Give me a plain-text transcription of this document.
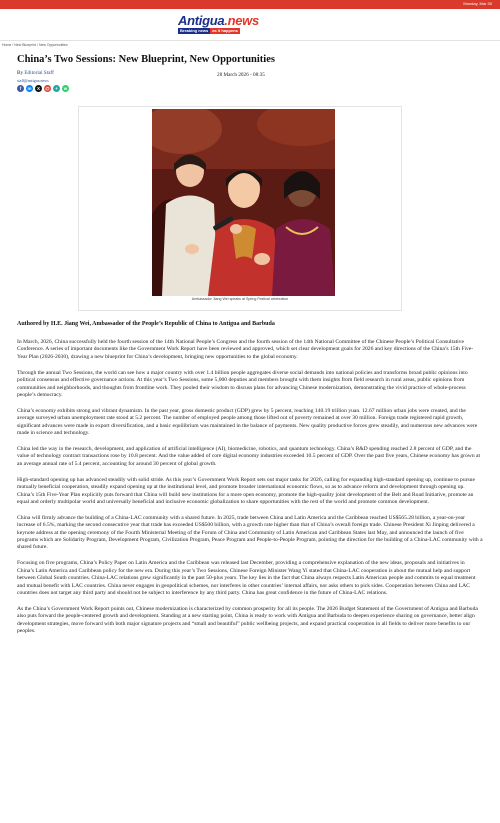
Monday, Mar 30
Antigua.news
Breaking news	as it happens
Home / New Blueprint / New Opportunities
China’s Two Sessions: New Blueprint, New Opportunities
By Editorial Staff
staff@antigua.news
28 March 2026 - 08:35
f	m	X	@	+	w
Ambassador Jiang Wei speaks at Spring Festival celebration
Authored by H.E. Jiang Wei, Ambassador of the People’s Republic of China to Antigua and Barbuda

In March, 2026, China successfully held the fourth session of the 14th National People’s Congress and the fourth session of the 14th National Committee of the Chinese People’s Political Consultative Conference. A series of important documents like the Government Work Report have been reviewed and approved, which set clear development goals for 2026 and key directions of the China’s 15th Five-Year Plan (2026-2030), drawing a new blueprint for China’s development, bringing new opportunities to the global economy.

Through the annual Two Sessions, the world can see how a major country with over 1.4 billion people aggregates diverse social demands into national policies and transforms broad public opinions into political consensus and effective governance actions. At this year’s Two Sessions, some 5,000 deputies and members brought with them insights from field research in rural areas, public opinions from communities and neighborhoods, and thoughts from frontline work. They pooled their wisdom to discuss plans for advancing Chinese modernization, demonstrating the vivid practice of whole-process people’s democracy.

China’s economy exhibits strong and vibrant dynamism. In the past year, gross domestic product (GDP) grew by 5 percent, reaching 140.19 trillion yuan. 12.67 million urban jobs were created, and the average surveyed urban unemployment rate stood at 5.2 percent. The number of employed people among those lifted out of poverty remained at over 30 million. Foreign trade registered rapid growth, significant advances were made in export diversification, and a basic equilibrium was maintained in the balance of payments. New quality productive forces grew steadily, and numerous new advances were made in science and technology.

China led the way in the research, development, and application of artificial intelligence (AI), biomedicine, robotics, and quantum technology. China’s R&D spending reached 2.8 percent of GDP, and the value of technology contract transactions rose by 10.8 percent. And the value added of core digital economy industries exceeded 10.5 percent of GDP. Over the past five years, Chinese economy has grown at an average annual rate of 5.4 percent, accounting for around 30 percent of global growth.

High-standard opening up has advanced steadily with solid stride. As this year’s Government Work Report sets out major tasks for 2026, calling for expanding high-standard opening up, continue to pursue mutually beneficial cooperation, steadily expand opening up at the institutional level, and promote broader international economic flows, so as to advance reform and development through opening up. China’s 15th Five-Year Plan explicitly puts forward that China will build new institutions for a more open economy, promote the high-quality joint development of the Belt and Road Initiative, promote an equal and orderly multipolar world and universally beneficial and inclusive economic globalization to share opportunities with the rest of the world and promote common development.

China will firmly advance the building of a China-LAC community with a shared future. In 2025, trade between China and Latin America and the Caribbean reached US$565.28 billion, a year-on-year increase of 6.5%, marking the second consecutive year that trade has exceeded US$500 billion, with a growth rate higher than that of China’s overall foreign trade. Chinese President Xi Jinping delivered a keynote address at the opening ceremony of the Fourth Ministerial Meeting of the Forum of China and Community of Latin American and Caribbean States last May, and announced the launch of five programs which are Solidarity Program, Development Program, Civilization Program, Peace Program and People-to-People Program, pointing the direction for the building of a China-LAC community with a shared future.

Focusing on five programs, China’s Policy Paper on Latin America and the Caribbean was released last December, providing a comprehensive explanation of the new ideas, proposals and initiatives in China’s Latin America and Caribbean policy for the new era. During this year’s Two Sessions, Chinese Foreign Minister Wang Yi stated that China-LAC cooperation is about the mutual help and support between Global South countries. China-LAC relations grew significantly in the past 50-plus years. The key lies in the fact that China always respects Latin American people and commits to equal treatment and mutual benefit with LAC countries. China never engages in geopolitical schemes, nor interferes in other countries’ internal affairs, nor asks others to pick sides. Cooperation between China and LAC countries does not target any third party and should not be subject to interference by any third party. China has great confidence in the future of China-LAC relations.

As the China’s Government Work Report points out, Chinese modernization is characterized by common prosperity for all its people. The 2026 Budget Statement of the Government of Antigua and Barbuda also puts forward the people-centered growth and development. Standing at a new starting point, China is ready to work with Antigua and Barbuda to deepen experience sharing on governance, better align development strategies, move forward with both major signature projects and “small and beautiful” public wellbeing projects, and expand practical cooperation in all fields to deliver more benefits to our peoples.
